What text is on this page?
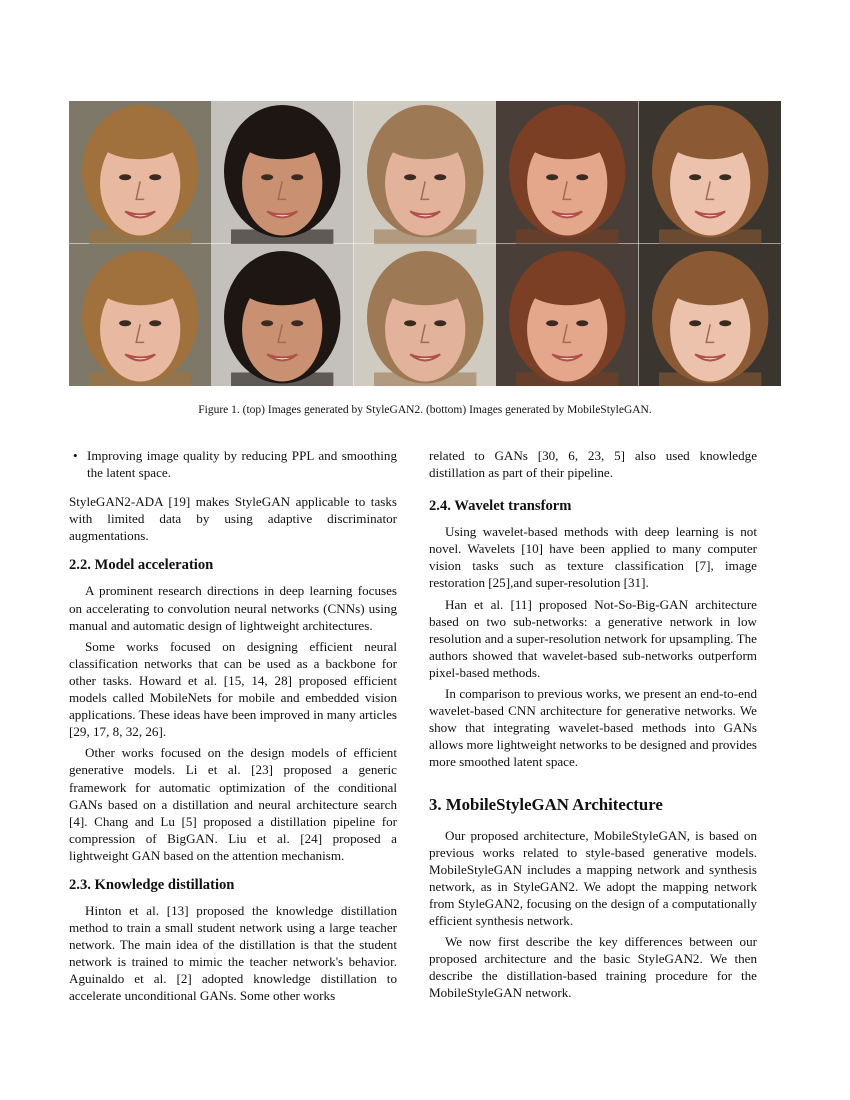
Figure 1. (top) Images generated by StyleGAN2. (bottom) Images generated by MobileStyleGAN.
• Improving image quality by reducing PPL and smoothing the latent space.

StyleGAN2-ADA [19] makes StyleGAN applicable to tasks with limited data by using adaptive discriminator augmentations.

2.2. Model acceleration

A prominent research directions in deep learning focuses on accelerating to convolution neural networks (CNNs) using manual and automatic design of lightweight architectures.

Some works focused on designing efficient neural classification networks that can be used as a backbone for other tasks. Howard et al. [15, 14, 28] proposed efficient models called MobileNets for mobile and embedded vision applications. These ideas have been improved in many articles [29, 17, 8, 32, 26].

Other works focused on the design models of efficient generative models. Li et al. [23] proposed a generic framework for automatic optimization of the conditional GANs based on a distillation and neural architecture search [4]. Chang and Lu [5] proposed a distillation pipeline for compression of BigGAN. Liu et al. [24] proposed a lightweight GAN based on the attention mechanism.

2.3. Knowledge distillation

Hinton et al. [13] proposed the knowledge distillation method to train a small student network using a large teacher network. The main idea of the distillation is that the student network is trained to mimic the teacher network's behavior. Aguinaldo et al. [2] adopted knowledge distillation to accelerate unconditional GANs. Some other works

related to GANs [30, 6, 23, 5] also used knowledge distillation as part of their pipeline.

2.4. Wavelet transform

Using wavelet-based methods with deep learning is not novel. Wavelets [10] have been applied to many computer vision tasks such as texture classification [7], image restoration [25],and super-resolution [31].

Han et al. [11] proposed Not-So-Big-GAN architecture based on two sub-networks: a generative network in low resolution and a super-resolution network for upsampling. The authors showed that wavelet-based sub-networks outperform pixel-based methods.

In comparison to previous works, we present an end-to-end wavelet-based CNN architecture for generative networks. We show that integrating wavelet-based methods into GANs allows more lightweight networks to be designed and provides more smoothed latent space.

3. MobileStyleGAN Architecture

Our proposed architecture, MobileStyleGAN, is based on previous works related to style-based generative models. MobileStyleGAN includes a mapping network and synthesis network, as in StyleGAN2. We adopt the mapping network from StyleGAN2, focusing on the design of a computationally efficient synthesis network.

We now first describe the key differences between our proposed architecture and the basic StyleGAN2. We then describe the distillation-based training procedure for the MobileStyleGAN network.
